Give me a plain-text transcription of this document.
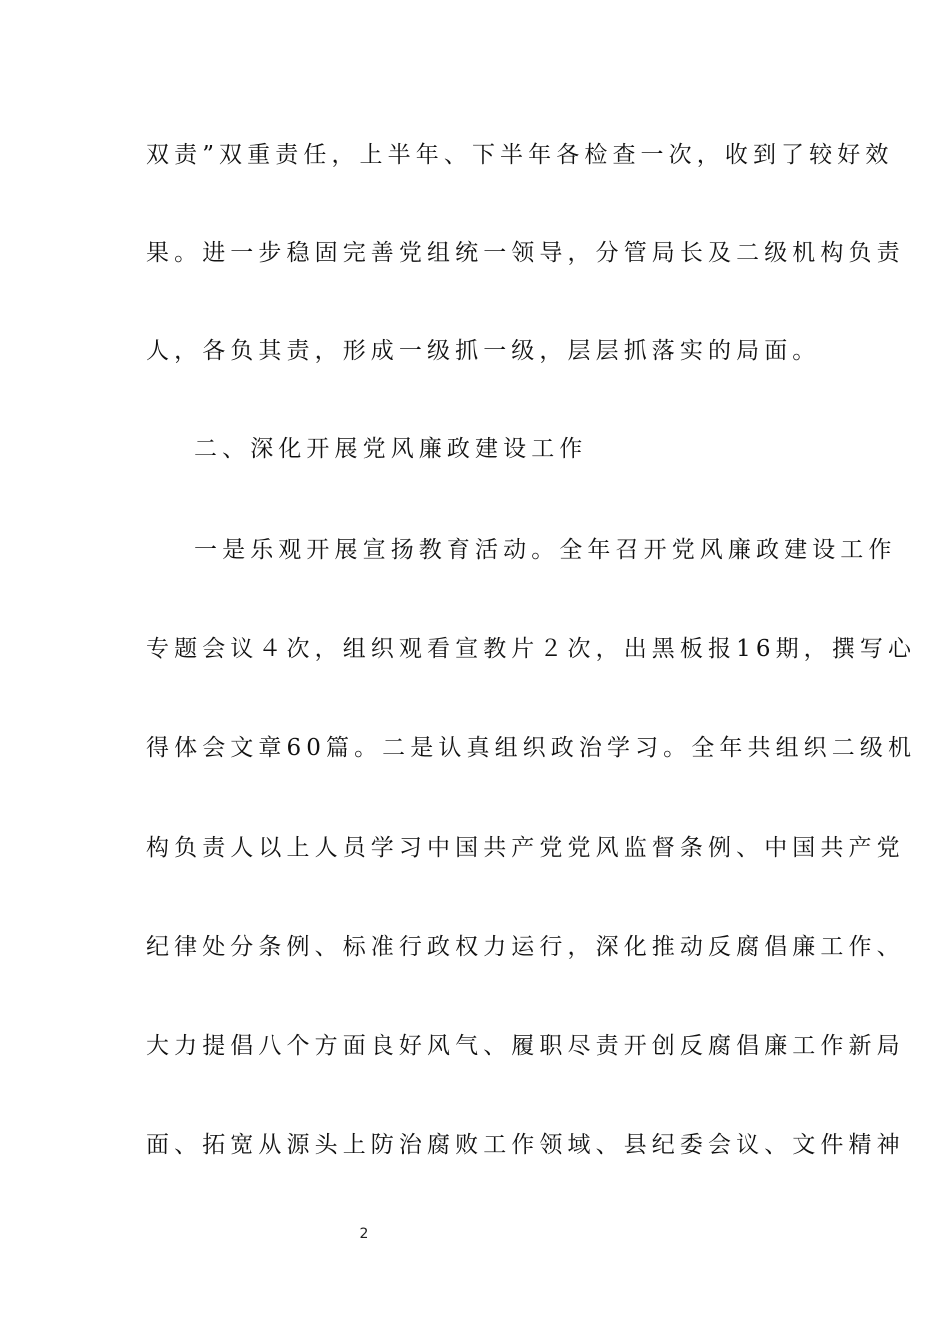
双责”双重责任，上半年、下半年各检查一次，收到了较好效
果。进一步稳固完善党组统一领导，分管局长及二级机构负责
人，各负其责，形成一级抓一级，层层抓落实的局面。
二、深化开展党风廉政建设工作
一是乐观开展宣扬教育活动。全年召开党风廉政建设工作
专题会议４次，组织观看宣教片２次，出黑板报16期，撰写心
得体会文章60篇。二是认真组织政治学习。全年共组织二级机
构负责人以上人员学习中国共产党党风监督条例、中国共产党
纪律处分条例、标准行政权力运行，深化推动反腐倡廉工作、
大力提倡八个方面良好风气、履职尽责开创反腐倡廉工作新局
面、拓宽从源头上防治腐败工作领域、县纪委会议、文件精神
2
